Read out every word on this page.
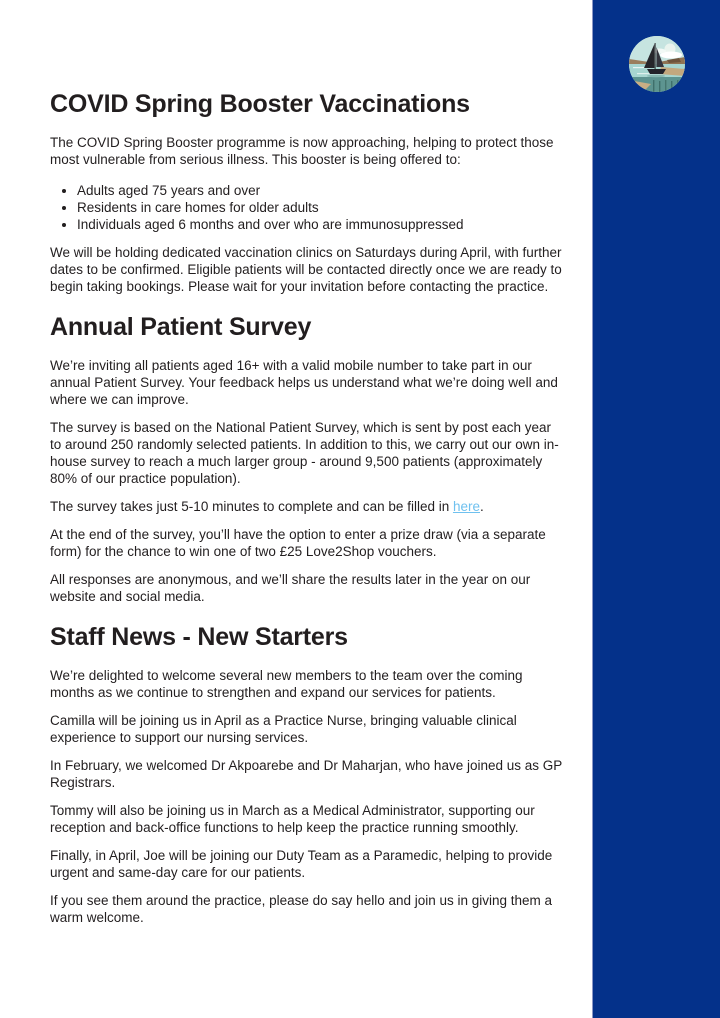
COVID Spring Booster Vaccinations

The COVID Spring Booster programme is now approaching, helping to protect those most vulnerable from serious illness. This booster is being offered to:

• Adults aged 75 years and over
• Residents in care homes for older adults
• Individuals aged 6 months and over who are immunosuppressed

We will be holding dedicated vaccination clinics on Saturdays during April, with further dates to be confirmed. Eligible patients will be contacted directly once we are ready to begin taking bookings. Please wait for your invitation before contacting the practice.

Annual Patient Survey

We’re inviting all patients aged 16+ with a valid mobile number to take part in our annual Patient Survey. Your feedback helps us understand what we’re doing well and where we can improve.

The survey is based on the National Patient Survey, which is sent by post each year to around 250 randomly selected patients. In addition to this, we carry out our own in-house survey to reach a much larger group - around 9,500 patients (approximately 80% of our practice population).

The survey takes just 5-10 minutes to complete and can be filled in here.

At the end of the survey, you’ll have the option to enter a prize draw (via a separate form) for the chance to win one of two £25 Love2Shop vouchers.

All responses are anonymous, and we’ll share the results later in the year on our website and social media.

Staff News - New Starters

We’re delighted to welcome several new members to the team over the coming months as we continue to strengthen and expand our services for patients.

Camilla will be joining us in April as a Practice Nurse, bringing valuable clinical experience to support our nursing services.

In February, we welcomed Dr Akpoarebe and Dr Maharjan, who have joined us as GP Registrars.

Tommy will also be joining us in March as a Medical Administrator, supporting our reception and back-office functions to help keep the practice running smoothly.

Finally, in April, Joe will be joining our Duty Team as a Paramedic, helping to provide urgent and same-day care for our patients.

If you see them around the practice, please do say hello and join us in giving them a warm welcome.
